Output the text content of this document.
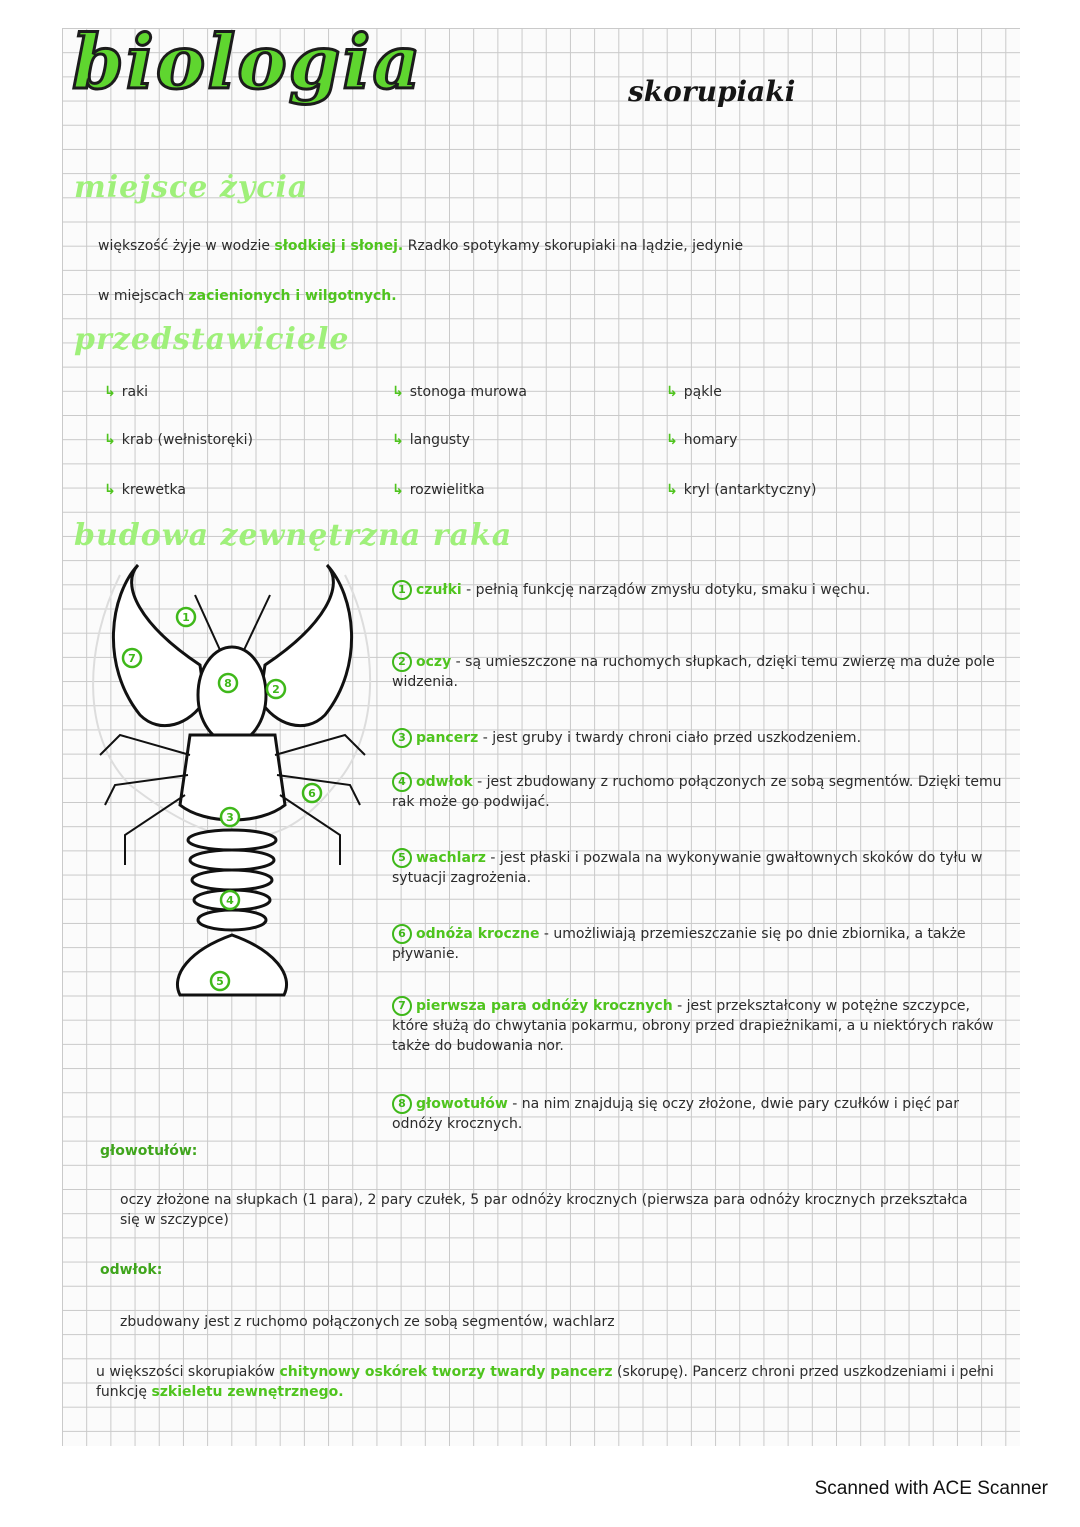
biologia	skorupiaki
miejsce życia
większość żyje w wodzie słodkiej i słonej. Rzadko spotykamy skorupiaki na lądzie, jedynie
w miejscach zacienionych i wilgotnych.
przedstawiciele
↳ raki
↳ krab (wełnistoręki)
↳ krewetka
↳ stonoga murowa
↳ langusty
↳ rozwielitka
↳ pąkle
↳ homary
↳ kryl (antarktyczny)
budowa zewnętrzna raka
7
1
8	2
3
6
4
5
1 czułki - pełnią funkcję narządów zmysłu dotyku, smaku i węchu.
2 oczy - są umieszczone na ruchomych słupkach, dzięki temu zwierzę ma duże pole widzenia.
3 pancerz - jest gruby i twardy chroni ciało przed uszkodzeniem.
4 odwłok - jest zbudowany z ruchomo połączonych ze sobą segmentów. Dzięki temu rak może go podwijać.
5 wachlarz - jest płaski i pozwala na wykonywanie gwałtownych skoków do tyłu w sytuacji zagrożenia.
6 odnóża kroczne - umożliwiają przemieszczanie się po dnie zbiornika, a także pływanie.
7 pierwsza para odnóży krocznych - jest przekształcony w potężne szczypce, które służą do chwytania pokarmu, obrony przed drapieżnikami, a u niektórych raków także do budowania nor.
8 głowotułów - na nim znajdują się oczy złożone, dwie pary czułków i pięć par odnóży krocznych.
głowotułów:
oczy złożone na słupkach (1 para), 2 pary czułek, 5 par odnóży krocznych (pierwsza para odnóży krocznych przekształca się w szczypce)
odwłok:
zbudowany jest z ruchomo połączonych ze sobą segmentów, wachlarz
u większości skorupiaków chitynowy oskórek tworzy twardy pancerz (skorupę). Pancerz chroni przed uszkodzeniami i pełni funkcję szkieletu zewnętrznego.
Scanned with ACE Scanner
